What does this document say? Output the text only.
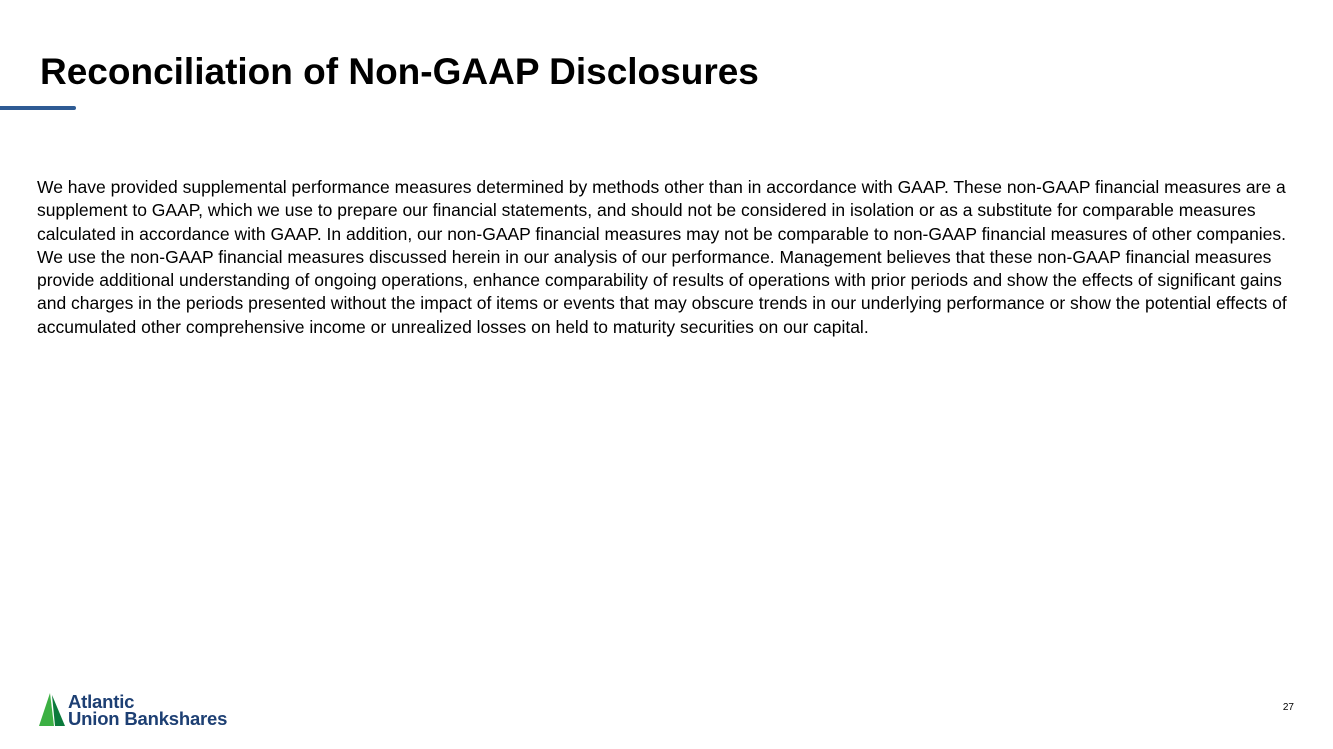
Reconciliation of Non-GAAP Disclosures

We have provided supplemental performance measures determined by methods other than in accordance with GAAP. These non-GAAP financial measures are a supplement to GAAP, which we use to prepare our financial statements, and should not be considered in isolation or as a substitute for comparable measures calculated in accordance with GAAP. In addition, our non-GAAP financial measures may not be comparable to non-GAAP financial measures of other companies. We use the non-GAAP financial measures discussed herein in our analysis of our performance. Management believes that these non-GAAP financial measures provide additional understanding of ongoing operations, enhance comparability of results of operations with prior periods and show the effects of significant gains and charges in the periods presented without the impact of items or events that may obscure trends in our underlying performance or show the potential effects of accumulated other comprehensive income or unrealized losses on held to maturity securities on our capital.

Atlantic
Union Bankshares
27
